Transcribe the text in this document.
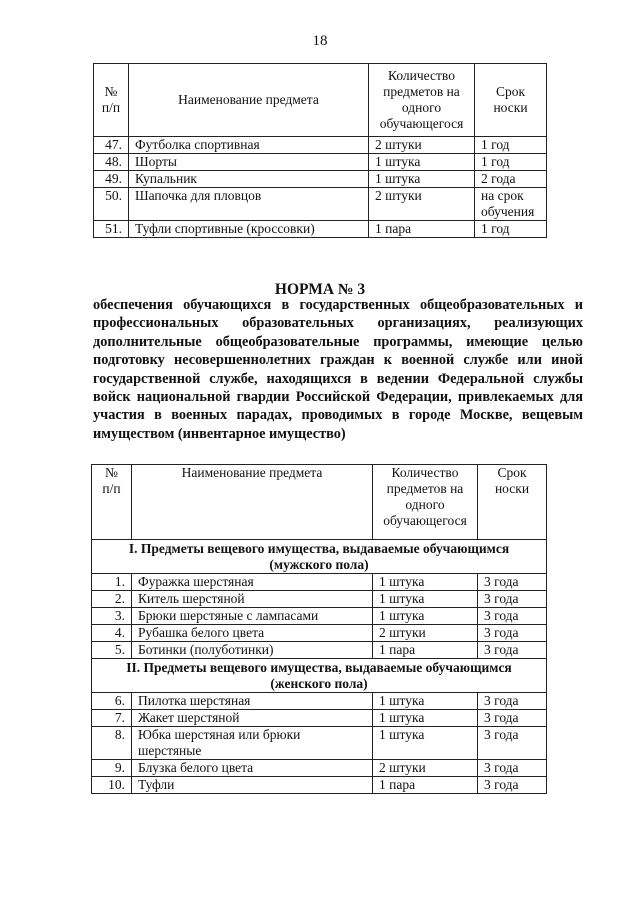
18
№ п/п	Наименование предмета	Количество предметов на одного обучающегося	Срок носки
47.	Футболка спортивная	2 штуки	1 год
48.	Шорты	1 штука	1 год
49.	Купальник	1 штука	2 года
50.	Шапочка для пловцов	2 штуки	на срок обучения
51.	Туфли спортивные (кроссовки)	1 пара	1 год
НОРМА № 3

обеспечения обучающихся в государственных общеобразовательных и профессиональных образовательных организациях, реализующих дополнительные общеобразовательные программы, имеющие целью подготовку несовершеннолетних граждан к военной службе или иной государственной службе, находящихся в ведении Федеральной службы войск национальной гвардии Российской Федерации, привлекаемых для участия в военных парадах, проводимых в городе Москве, вещевым имуществом (инвентарное имущество)

№ п/п	Наименование предмета	Количество предметов на одного обучающегося	Срок носки
I. Предметы вещевого имущества, выдаваемые обучающимся (мужского пола)			
1.	Фуражка шерстяная	1 штука	3 года
2.	Китель шерстяной	1 штука	3 года
3.	Брюки шерстяные с лампасами	1 штука	3 года
4.	Рубашка белого цвета	2 штуки	3 года
5.	Ботинки (полуботинки)	1 пара	3 года
II. Предметы вещевого имущества, выдаваемые обучающимся (женского пола)			
6.	Пилотка шерстяная	1 штука	3 года
7.	Жакет шерстяной	1 штука	3 года
8.	Юбка шерстяная или брюки шерстяные	1 штука	3 года
9.	Блузка белого цвета	2 штуки	3 года
10.	Туфли	1 пара	3 года
